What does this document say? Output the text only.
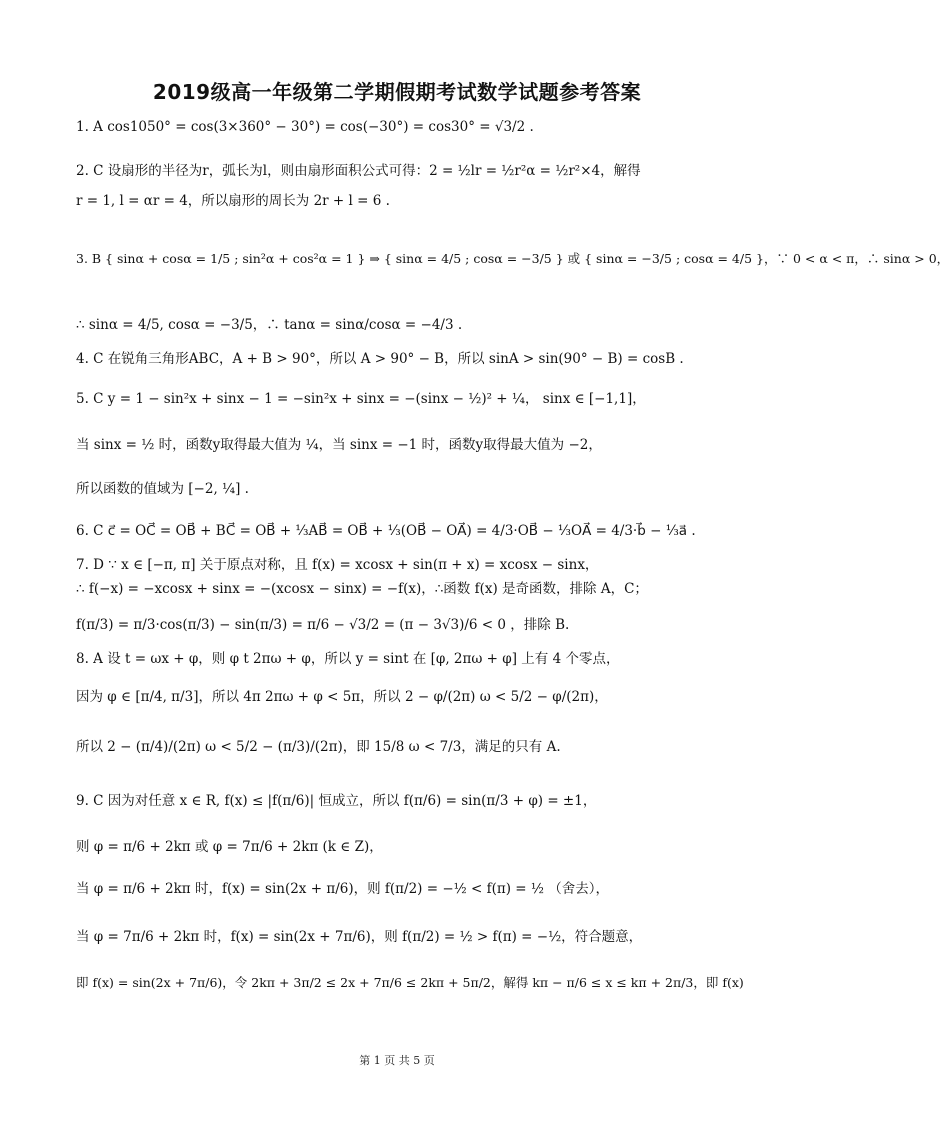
2019级高一年级第二学期假期考试数学试题参考答案
1. A cos1050° = cos(3×360° − 30°) = cos(−30°) = cos30° = √3/2 .
2. C 设扇形的半径为r，弧长为l，则由扇形面积公式可得：2 = ½lr = ½r²α = ½r²×4，解得
r = 1, l = αr = 4，所以扇形的周长为 2r + l = 6 .
3. B { sinα + cosα = 1/5 ; sin²α + cos²α = 1 } ⇒ { sinα = 4/5 ; cosα = −3/5 } 或 { sinα = −3/5 ; cosα = 4/5 }，∵ 0 < α < π，∴ sinα > 0，
∴ sinα = 4/5, cosα = −3/5，∴ tanα = sinα/cosα = −4/3 .
4. C 在锐角三角形ABC，A + B > 90°，所以 A > 90° − B，所以 sinA > sin(90° − B) = cosB .
5. C y = 1 − sin²x + sinx − 1 = −sin²x + sinx = −(sinx − ½)² + ¼， sinx ∈ [−1,1]，
当 sinx = ½ 时，函数y取得最大值为 ¼，当 sinx = −1 时，函数y取得最大值为 −2，
所以函数的值域为 [−2, ¼] .
6. C c⃗ = OC⃗ = OB⃗ + BC⃗ = OB⃗ + ⅓AB⃗ = OB⃗ + ⅓(OB⃗ − OA⃗) = 4/3·OB⃗ − ⅓OA⃗ = 4/3·b⃗ − ⅓a⃗ .
7. D ∵ x ∈ [−π, π] 关于原点对称，且 f(x) = xcosx + sin(π + x) = xcosx − sinx，
∴ f(−x) = −xcosx + sinx = −(xcosx − sinx) = −f(x)，∴函数 f(x) 是奇函数，排除 A，C；
f(π/3) = π/3·cos(π/3) − sin(π/3) = π/6 − √3/2 = (π − 3√3)/6 < 0 ，排除 B.
8. A 设 t = ωx + φ，则 φ t 2πω + φ，所以 y = sint 在 [φ, 2πω + φ] 上有 4 个零点，
因为 φ ∈ [π/4, π/3]，所以 4π 2πω + φ < 5π，所以 2 − φ/(2π) ω < 5/2 − φ/(2π)，
所以 2 − (π/4)/(2π) ω < 5/2 − (π/3)/(2π)，即 15/8 ω < 7/3，满足的只有 A.
9. C 因为对任意 x ∈ R, f(x) ≤ |f(π/6)| 恒成立，所以 f(π/6) = sin(π/3 + φ) = ±1，
则 φ = π/6 + 2kπ 或 φ = 7π/6 + 2kπ (k ∈ Z)，
当 φ = π/6 + 2kπ 时，f(x) = sin(2x + π/6)，则 f(π/2) = −½ < f(π) = ½ （舍去），
当 φ = 7π/6 + 2kπ 时，f(x) = sin(2x + 7π/6)，则 f(π/2) = ½ > f(π) = −½，符合题意，
即 f(x) = sin(2x + 7π/6)，令 2kπ + 3π/2 ≤ 2x + 7π/6 ≤ 2kπ + 5π/2，解得 kπ − π/6 ≤ x ≤ kπ + 2π/3，即 f(x)
第 1 页 共 5 页
